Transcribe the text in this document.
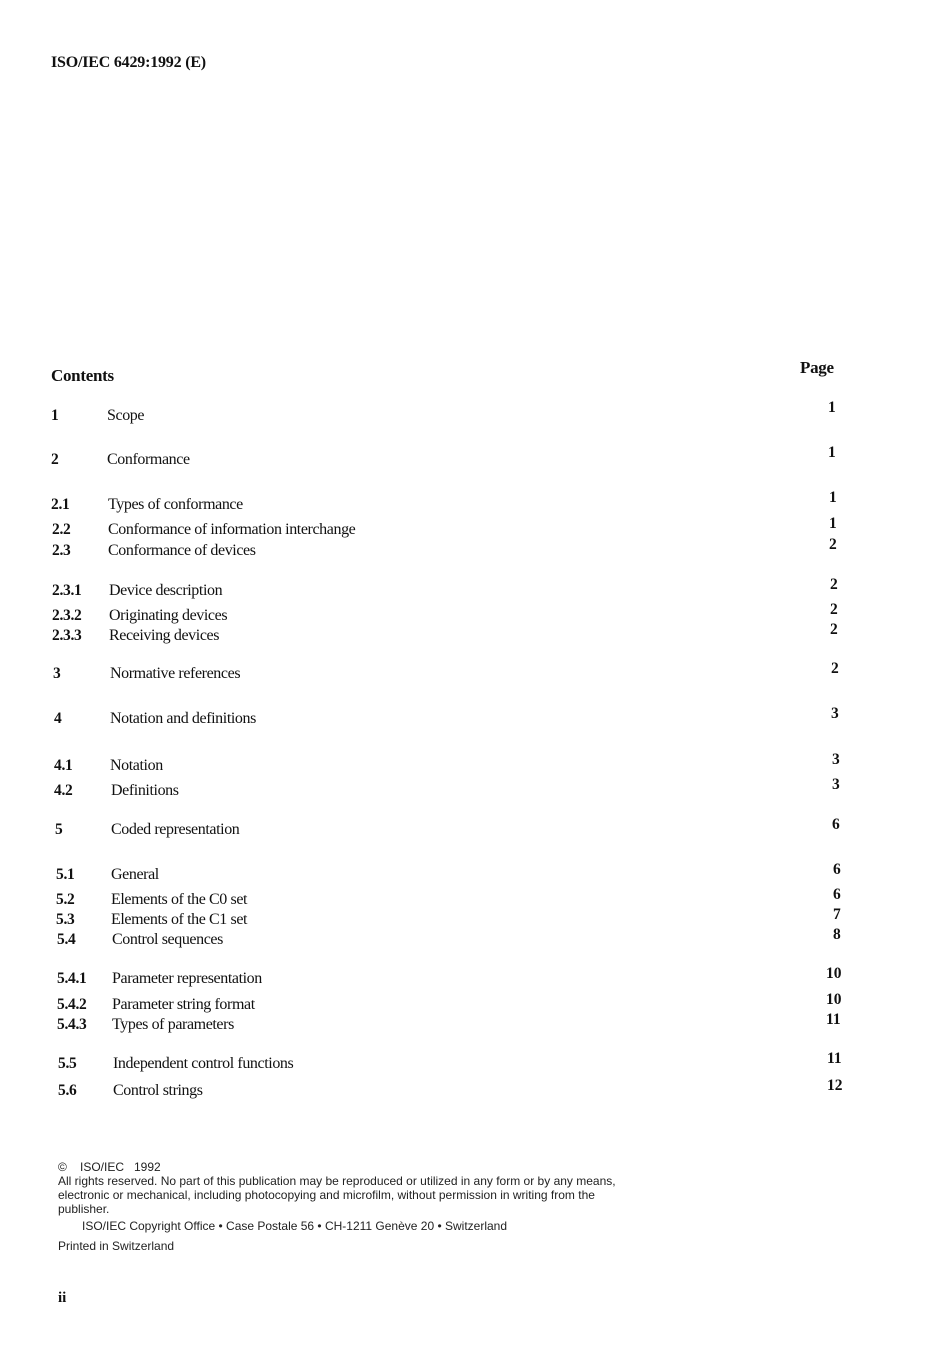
ISO/IEC 6429:1992 (E)
Contents	Page
1	Scope	1
2	Conformance	1
2.1 Types of conformance	1
2.2 Conformance of information interchange	1
2.3 Conformance of devices	2
2.3.1 Device description	2
2.3.2 Originating devices	2
2.3.3 Receiving devices	2
3	Normative references	2
4	Notation and definitions	3
4.1 Notation	3
4.2 Definitions	3
5	Coded representation	6
5.1 General	6
5.2 Elements of the C0 set	6
5.3 Elements of the C1 set	7
5.4 Control sequences	8
5.4.1 Parameter representation	10
5.4.2 Parameter string format	10
5.4.3 Types of parameters	11
5.5 Independent control functions	11
5.6 Control strings	12
© ISO/IEC   1992
All rights reserved. No part of this publication may be reproduced or utilized in any form or by any means, electronic or mechanical, including photocopying and microfilm, without permission in writing from the publisher.
ISO/IEC Copyright Office • Case Postale 56 • CH-1211 Genève 20 • Switzerland
Printed in Switzerland
ii
